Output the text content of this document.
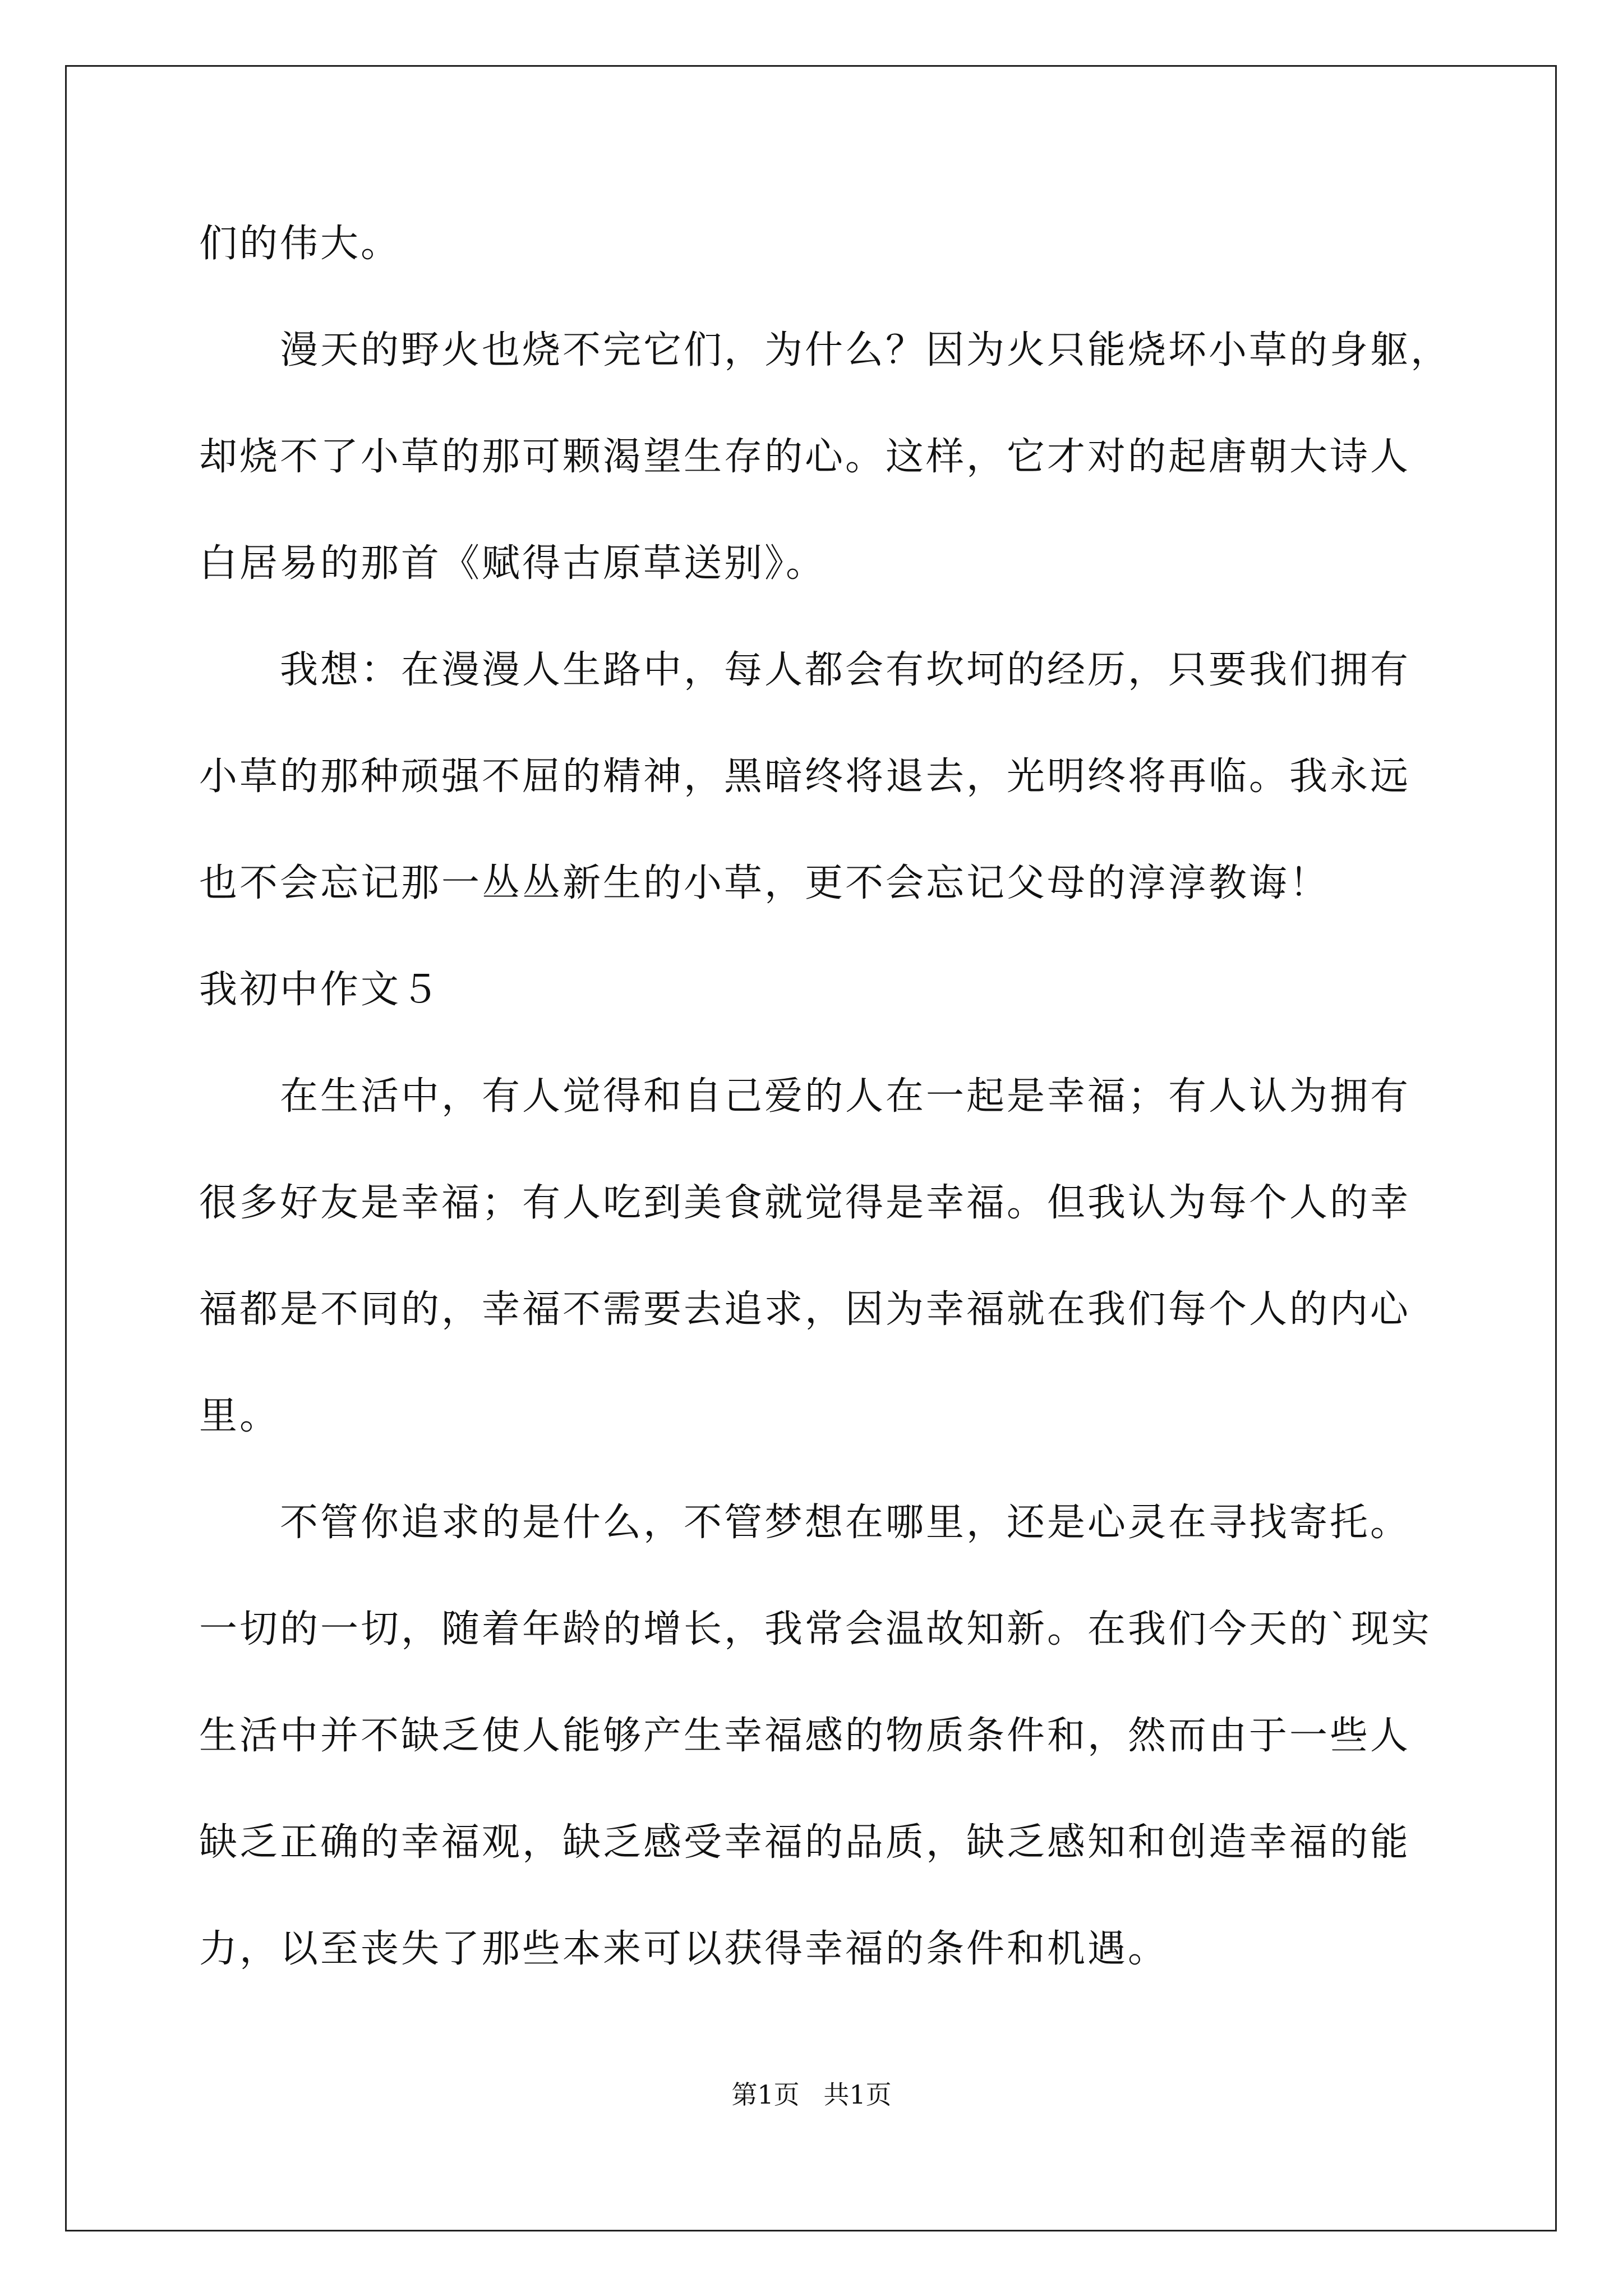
们的伟大。

漫天的野火也烧不完它们，为什么？因为火只能烧坏小草的身躯，

却烧不了小草的那可颗渴望生存的心。这样，它才对的起唐朝大诗人

白居易的那首《赋得古原草送别》。

我想：在漫漫人生路中，每人都会有坎坷的经历，只要我们拥有

小草的那种顽强不屈的精神，黑暗终将退去，光明终将再临。我永远

也不会忘记那一丛丛新生的小草，更不会忘记父母的淳淳教诲！

我初中作文５

在生活中，有人觉得和自己爱的人在一起是幸福；有人认为拥有

很多好友是幸福；有人吃到美食就觉得是幸福。但我认为每个人的幸

福都是不同的，幸福不需要去追求，因为幸福就在我们每个人的内心

里。

不管你追求的是什么，不管梦想在哪里，还是心灵在寻找寄托。

一切的一切，随着年龄的增长，我常会温故知新。在我们今天的`现实

生活中并不缺乏使人能够产生幸福感的物质条件和，然而由于一些人

缺乏正确的幸福观，缺乏感受幸福的品质，缺乏感知和创造幸福的能

力，以至丧失了那些本来可以获得幸福的条件和机遇。

第1页 共1页
